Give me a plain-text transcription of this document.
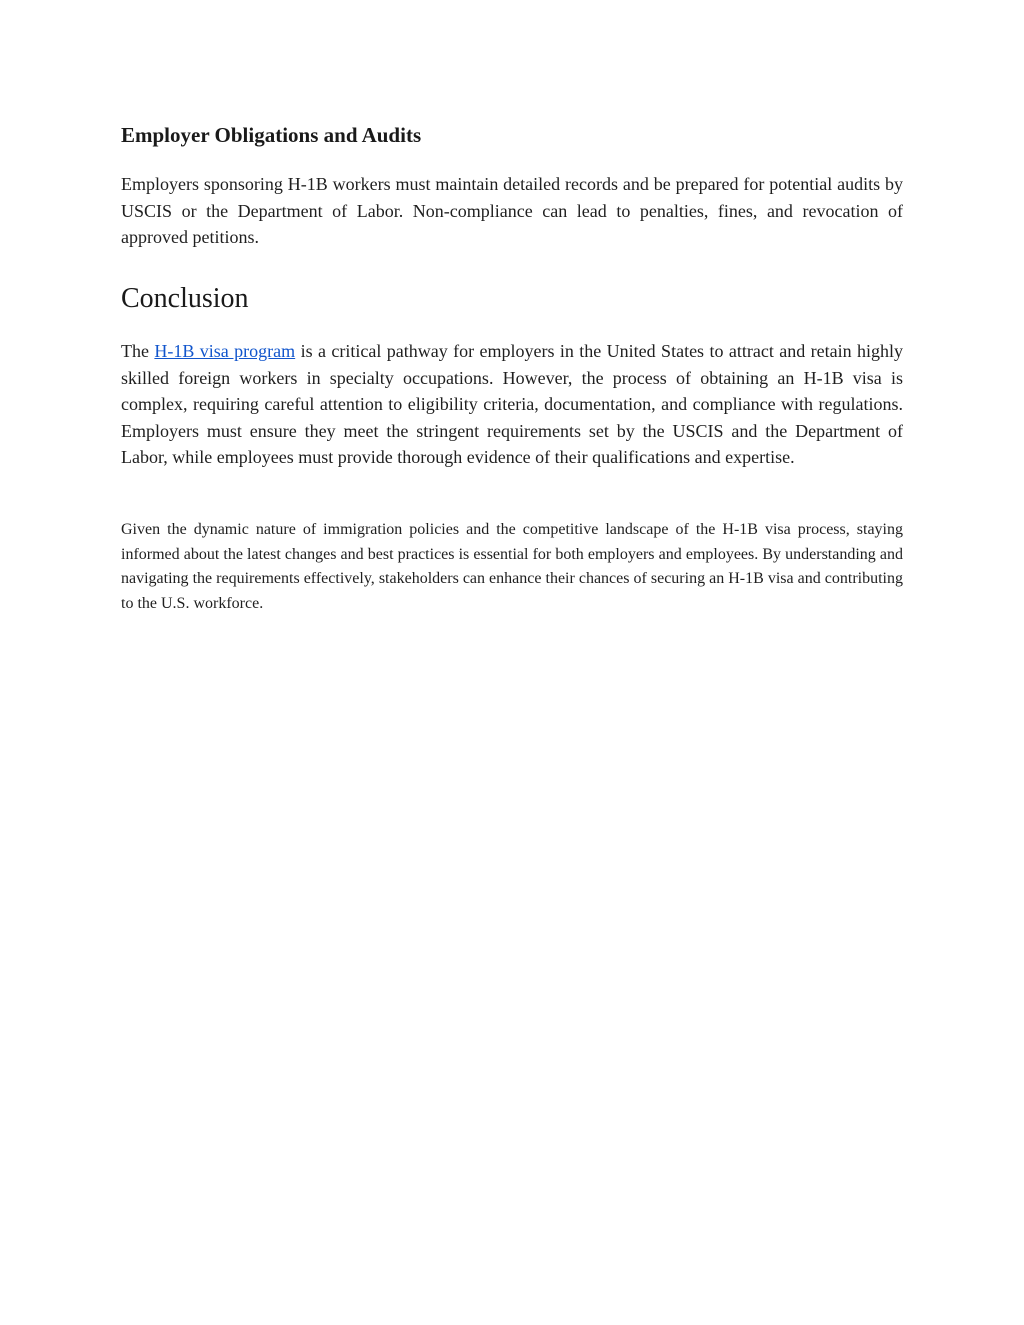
Employer Obligations and Audits

Employers sponsoring H-1B workers must maintain detailed records and be prepared for potential audits by USCIS or the Department of Labor. Non-compliance can lead to penalties, fines, and revocation of approved petitions.

Conclusion

The H-1B visa program is a critical pathway for employers in the United States to attract and retain highly skilled foreign workers in specialty occupations. However, the process of obtaining an H-1B visa is complex, requiring careful attention to eligibility criteria, documentation, and compliance with regulations. Employers must ensure they meet the stringent requirements set by the USCIS and the Department of Labor, while employees must provide thorough evidence of their qualifications and expertise.

Given the dynamic nature of immigration policies and the competitive landscape of the H-1B visa process, staying informed about the latest changes and best practices is essential for both employers and employees. By understanding and navigating the requirements effectively, stakeholders can enhance their chances of securing an H-1B visa and contributing to the U.S. workforce.
